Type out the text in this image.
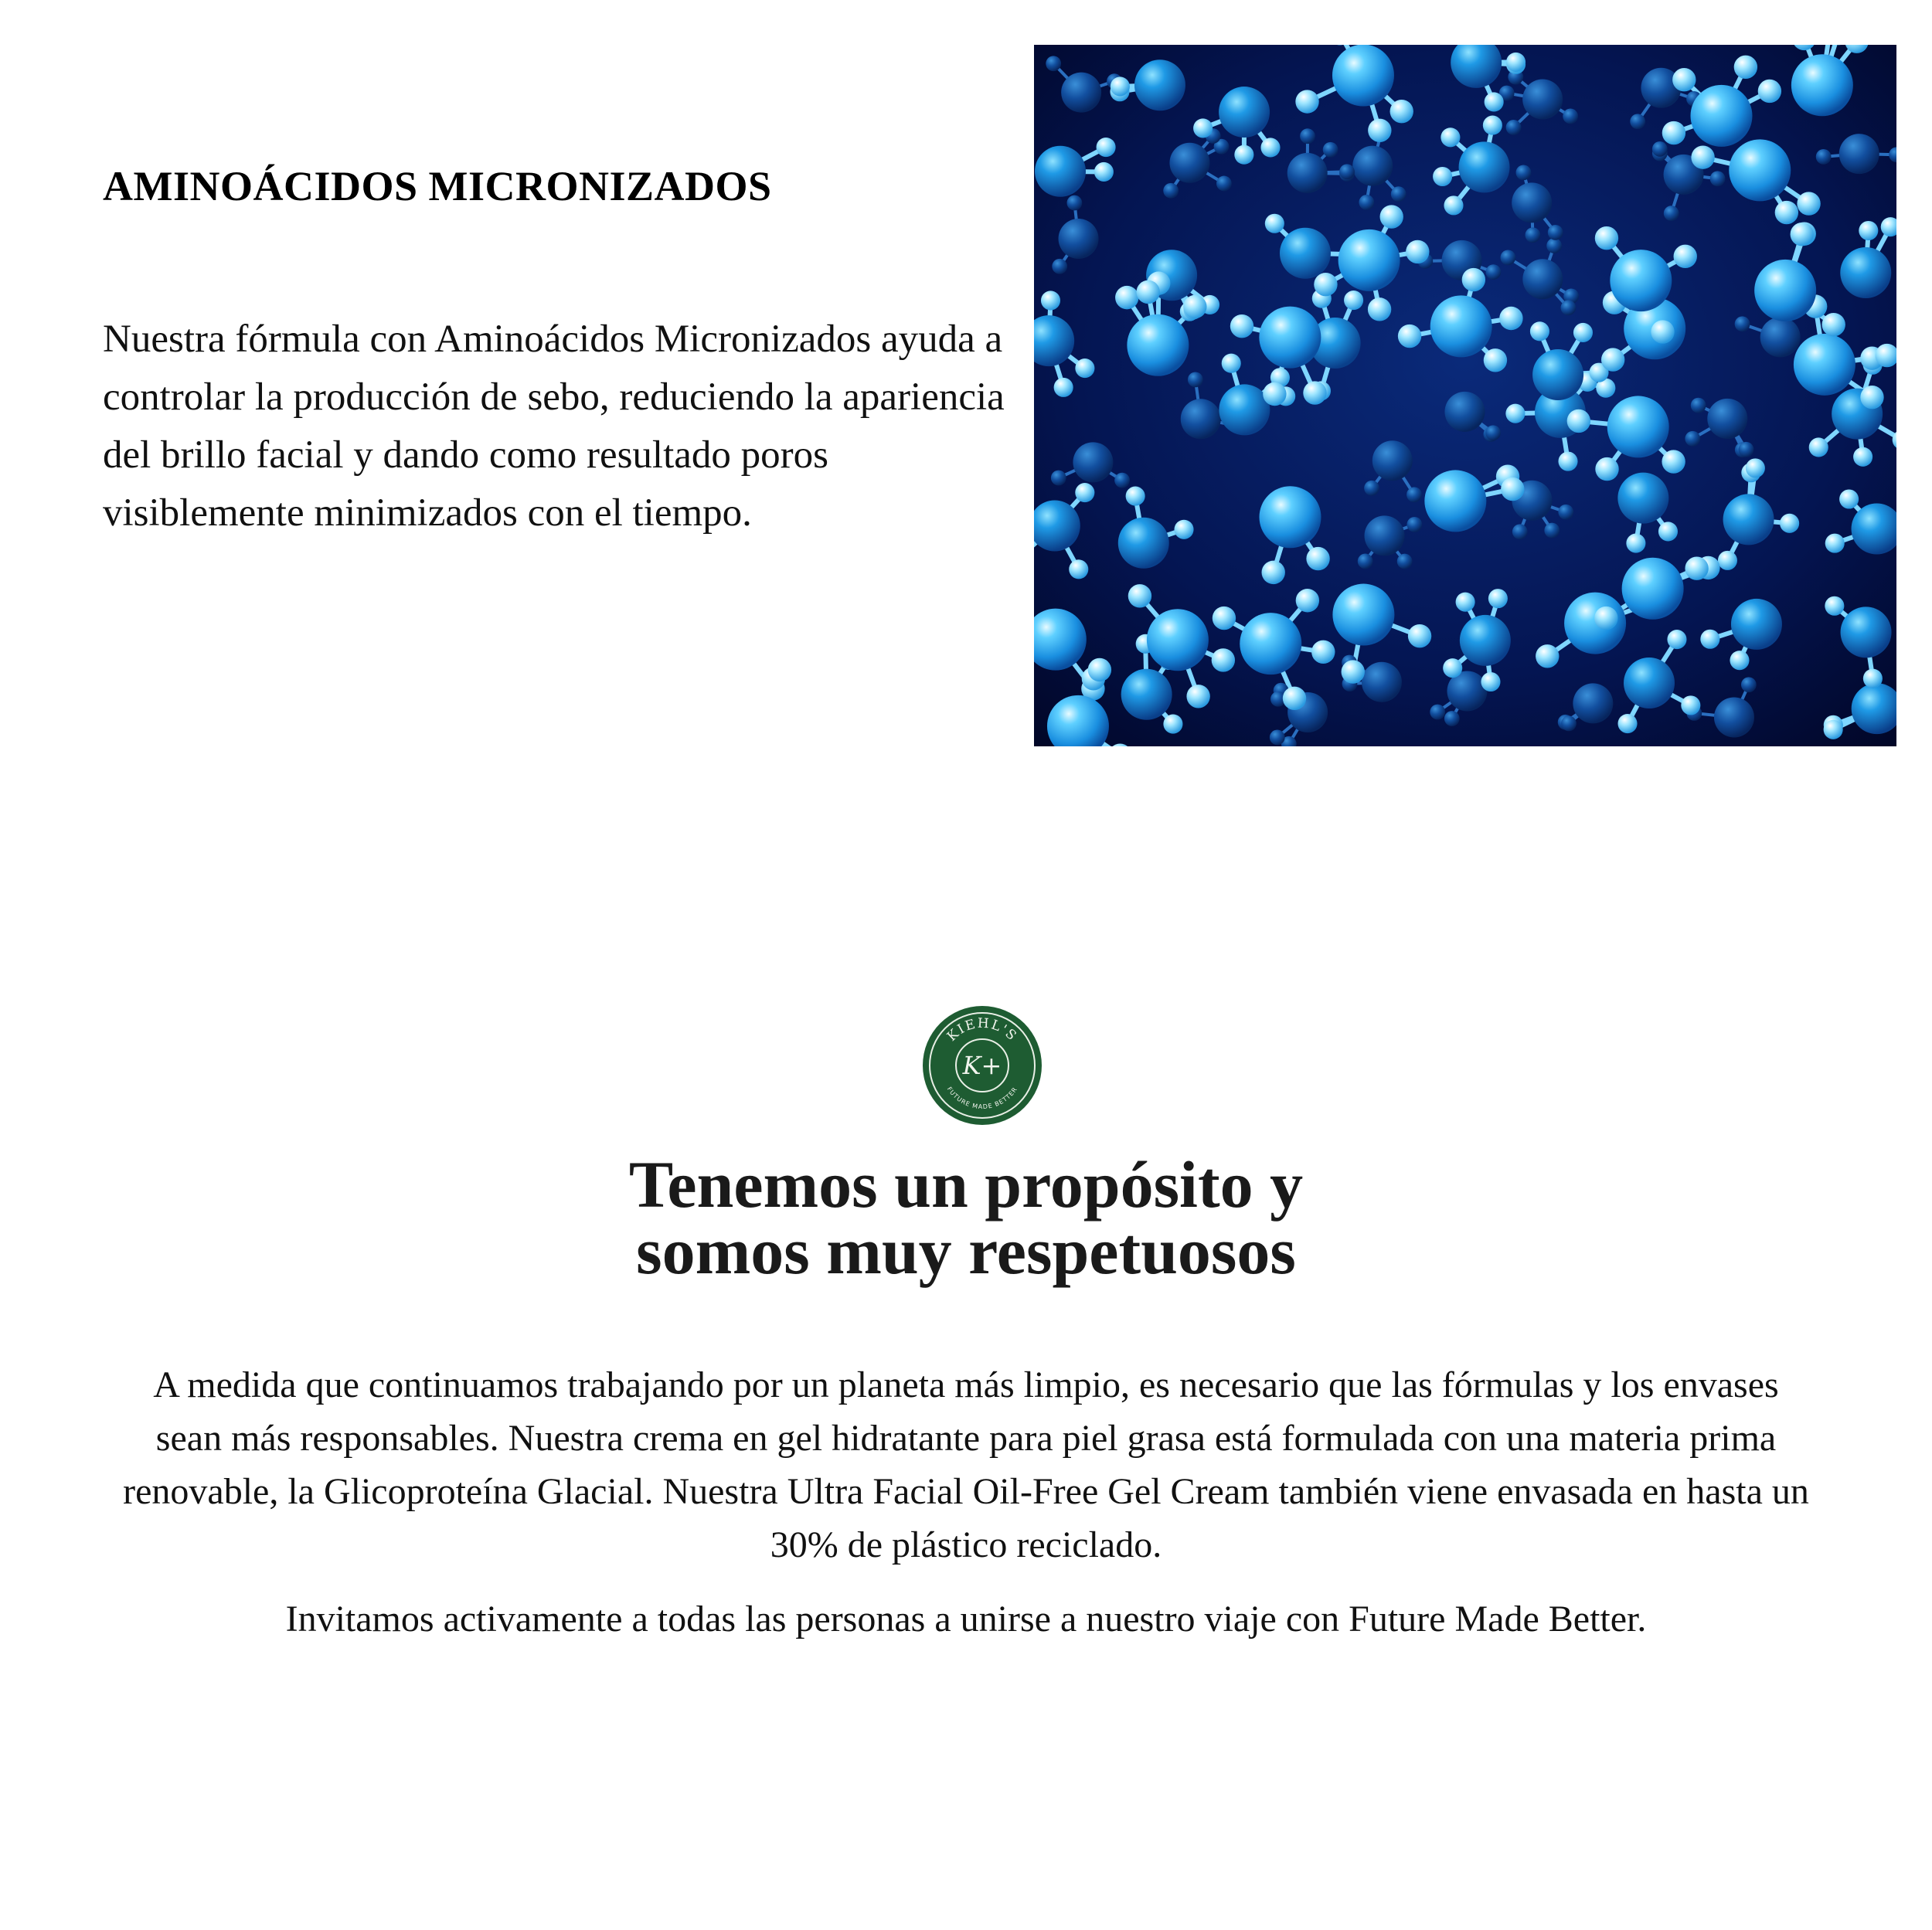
AMINOÁCIDOS MICRONIZADOS

Nuestra fórmula con Aminoácidos Micronizados ayuda a controlar la producción de sebo, reduciendo la apariencia del brillo facial y dando como resultado poros visiblemente minimizados con el tiempo.

KIEHL'S
FUTURE MADE BETTER
K+
Tenemos un propósito y
somos muy respetuosos

A medida que continuamos trabajando por un planeta más limpio, es necesario que las fórmulas y los envases sean más responsables. Nuestra crema en gel hidratante para piel grasa está formulada con una materia prima renovable, la Glicoproteína Glacial. Nuestra Ultra Facial Oil-Free Gel Cream también viene envasada en hasta un 30% de plástico reciclado.

Invitamos activamente a todas las personas a unirse a nuestro viaje con Future Made Better.
